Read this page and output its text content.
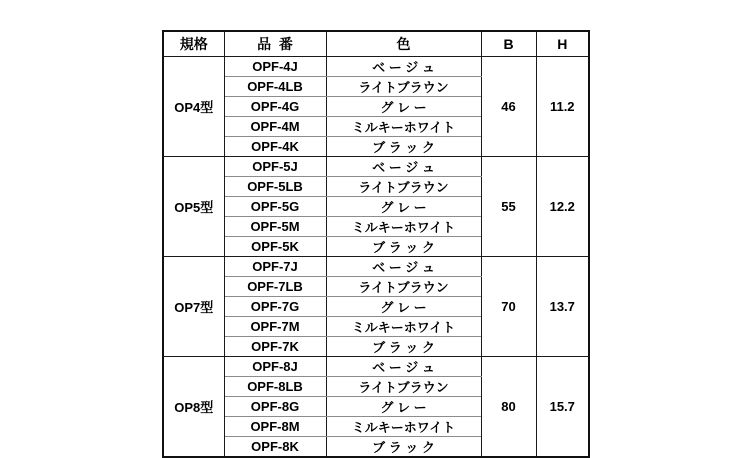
規格	品  番	色	B	H
OP4型	OPF-4J	ベ ー ジ ュ	46	11.2
	OPF-4LB	ライトブラウン		
	OPF-4G	グ レ ー		
	OPF-4M	ミルキーホワイト		
	OPF-4K	ブ ラ ッ ク		
OP5型	OPF-5J	ベ ー ジ ュ	55	12.2
	OPF-5LB	ライトブラウン		
	OPF-5G	グ レ ー		
	OPF-5M	ミルキーホワイト		
	OPF-5K	ブ ラ ッ ク		
OP7型	OPF-7J	ベ ー ジ ュ	70	13.7
	OPF-7LB	ライトブラウン		
	OPF-7G	グ レ ー		
	OPF-7M	ミルキーホワイト		
	OPF-7K	ブ ラ ッ ク		
OP8型	OPF-8J	ベ ー ジ ュ	80	15.7
	OPF-8LB	ライトブラウン		
	OPF-8G	グ レ ー		
	OPF-8M	ミルキーホワイト		
	OPF-8K	ブ ラ ッ ク		
